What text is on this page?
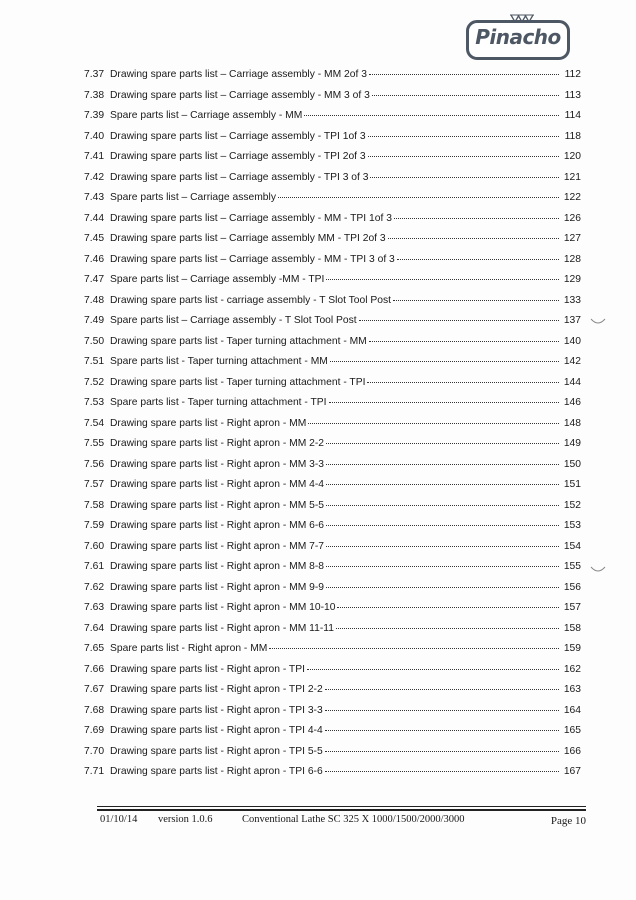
Pinacho
7.37 Drawing spare parts list – Carriage assembly - MM 2of 3	112
7.38 Drawing spare parts list – Carriage assembly - MM 3 of 3	113
7.39 Spare parts list – Carriage assembly - MM	114
7.40 Drawing spare parts list – Carriage assembly - TPI 1of 3	118
7.41 Drawing spare parts list – Carriage assembly - TPI 2of 3	120
7.42 Drawing spare parts list – Carriage assembly - TPI 3 of 3	121
7.43 Spare parts list – Carriage assembly	122
7.44 Drawing spare parts list – Carriage assembly - MM - TPI 1of 3	126
7.45 Drawing spare parts list – Carriage assembly MM - TPI 2of 3	127
7.46 Drawing spare parts list – Carriage assembly - MM - TPI 3 of 3	128
7.47 Spare parts list – Carriage assembly -MM - TPI	129
7.48 Drawing spare parts list - carriage assembly - T Slot Tool Post	133
7.49 Spare parts list – Carriage assembly - T Slot Tool Post	137
7.50 Drawing spare parts list - Taper turning attachment - MM	140
7.51 Spare parts list - Taper turning attachment - MM	142
7.52 Drawing spare parts list - Taper turning attachment - TPI	144
7.53 Spare parts list - Taper turning attachment - TPI	146
7.54 Drawing spare parts list - Right apron - MM	148
7.55 Drawing spare parts list - Right apron - MM 2-2	149
7.56 Drawing spare parts list - Right apron - MM 3-3	150
7.57 Drawing spare parts list - Right apron - MM 4-4	151
7.58 Drawing spare parts list - Right apron - MM 5-5	152
7.59 Drawing spare parts list - Right apron - MM 6-6	153
7.60 Drawing spare parts list - Right apron - MM 7-7	154
7.61 Drawing spare parts list - Right apron - MM 8-8	155
7.62 Drawing spare parts list - Right apron - MM 9-9	156
7.63 Drawing spare parts list - Right apron - MM 10-10	157
7.64 Drawing spare parts list - Right apron - MM 11-11	158
7.65 Spare parts list - Right apron - MM	159
7.66 Drawing spare parts list - Right apron - TPI	162
7.67 Drawing spare parts list - Right apron - TPI 2-2	163
7.68 Drawing spare parts list - Right apron - TPI 3-3	164
7.69 Drawing spare parts list - Right apron - TPI 4-4	165
7.70 Drawing spare parts list - Right apron - TPI 5-5	166
7.71 Drawing spare parts list - Right apron - TPI 6-6	167
01/10/14 version 1.0.6	Conventional Lathe SC 325 X 1000/1500/2000/3000	Page 10
